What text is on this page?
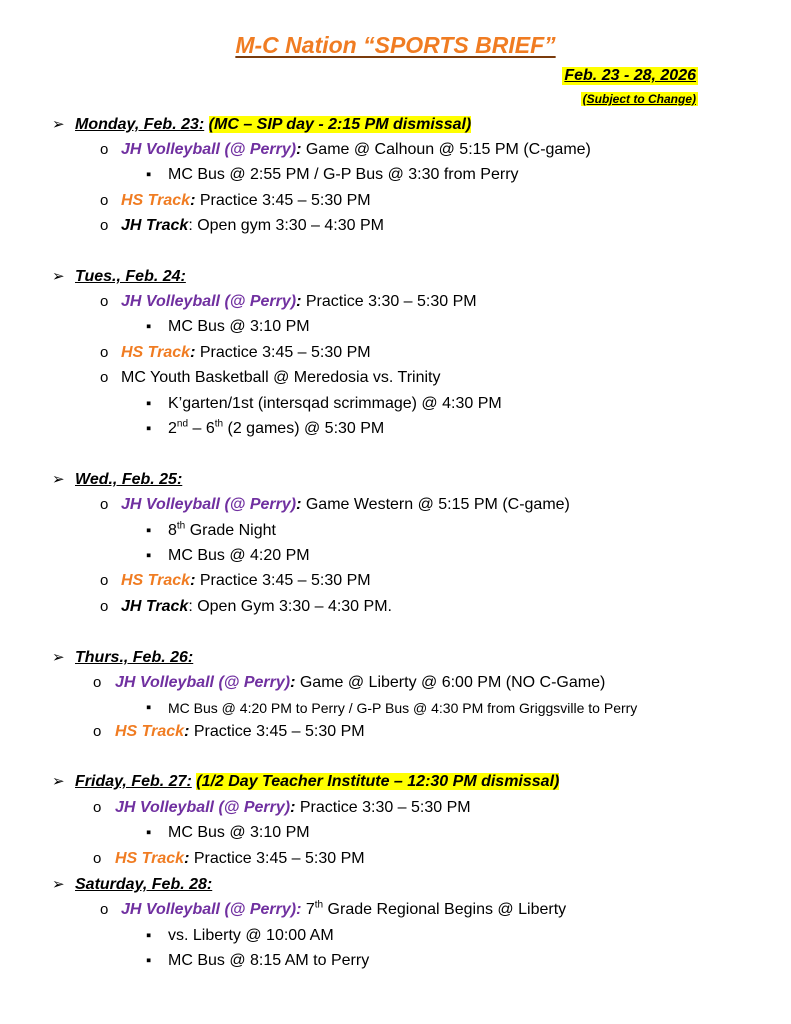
M-C Nation “SPORTS BRIEF”
Feb. 23 - 28, 2026
(Subject to Change)
➢ Monday, Feb. 23: (MC – SIP day - 2:15 PM dismissal)
o JH Volleyball (@ Perry): Game @ Calhoun @ 5:15 PM (C-game)
▪ MC Bus @ 2:55 PM / G-P Bus @ 3:30 from Perry
o HS Track: Practice 3:45 – 5:30 PM
o JH Track: Open gym 3:30 – 4:30 PM
➢ Tues., Feb. 24:
o JH Volleyball (@ Perry): Practice 3:30 – 5:30 PM
▪ MC Bus @ 3:10 PM
o HS Track: Practice 3:45 – 5:30 PM
o MC Youth Basketball @ Meredosia vs. Trinity
▪ K’garten/1st (intersqad scrimmage) @ 4:30 PM
▪ 2nd – 6th (2 games) @ 5:30 PM
➢ Wed., Feb. 25:
o JH Volleyball (@ Perry): Game Western @ 5:15 PM (C-game)
▪ 8th Grade Night
▪ MC Bus @ 4:20 PM
o HS Track: Practice 3:45 – 5:30 PM
o JH Track: Open Gym 3:30 – 4:30 PM.
➢ Thurs., Feb. 26:
o JH Volleyball (@ Perry): Game @ Liberty @ 6:00 PM (NO C-Game)
▪ MC Bus @ 4:20 PM to Perry / G-P Bus @ 4:30 PM from Griggsville to Perry
o HS Track: Practice 3:45 – 5:30 PM
➢ Friday, Feb. 27: (1/2 Day Teacher Institute – 12:30 PM dismissal)
o JH Volleyball (@ Perry): Practice 3:30 – 5:30 PM
▪ MC Bus @ 3:10 PM
o HS Track: Practice 3:45 – 5:30 PM
➢ Saturday, Feb. 28:
o JH Volleyball (@ Perry): 7th Grade Regional Begins @ Liberty
▪ vs. Liberty @ 10:00 AM
▪ MC Bus @ 8:15 AM to Perry
